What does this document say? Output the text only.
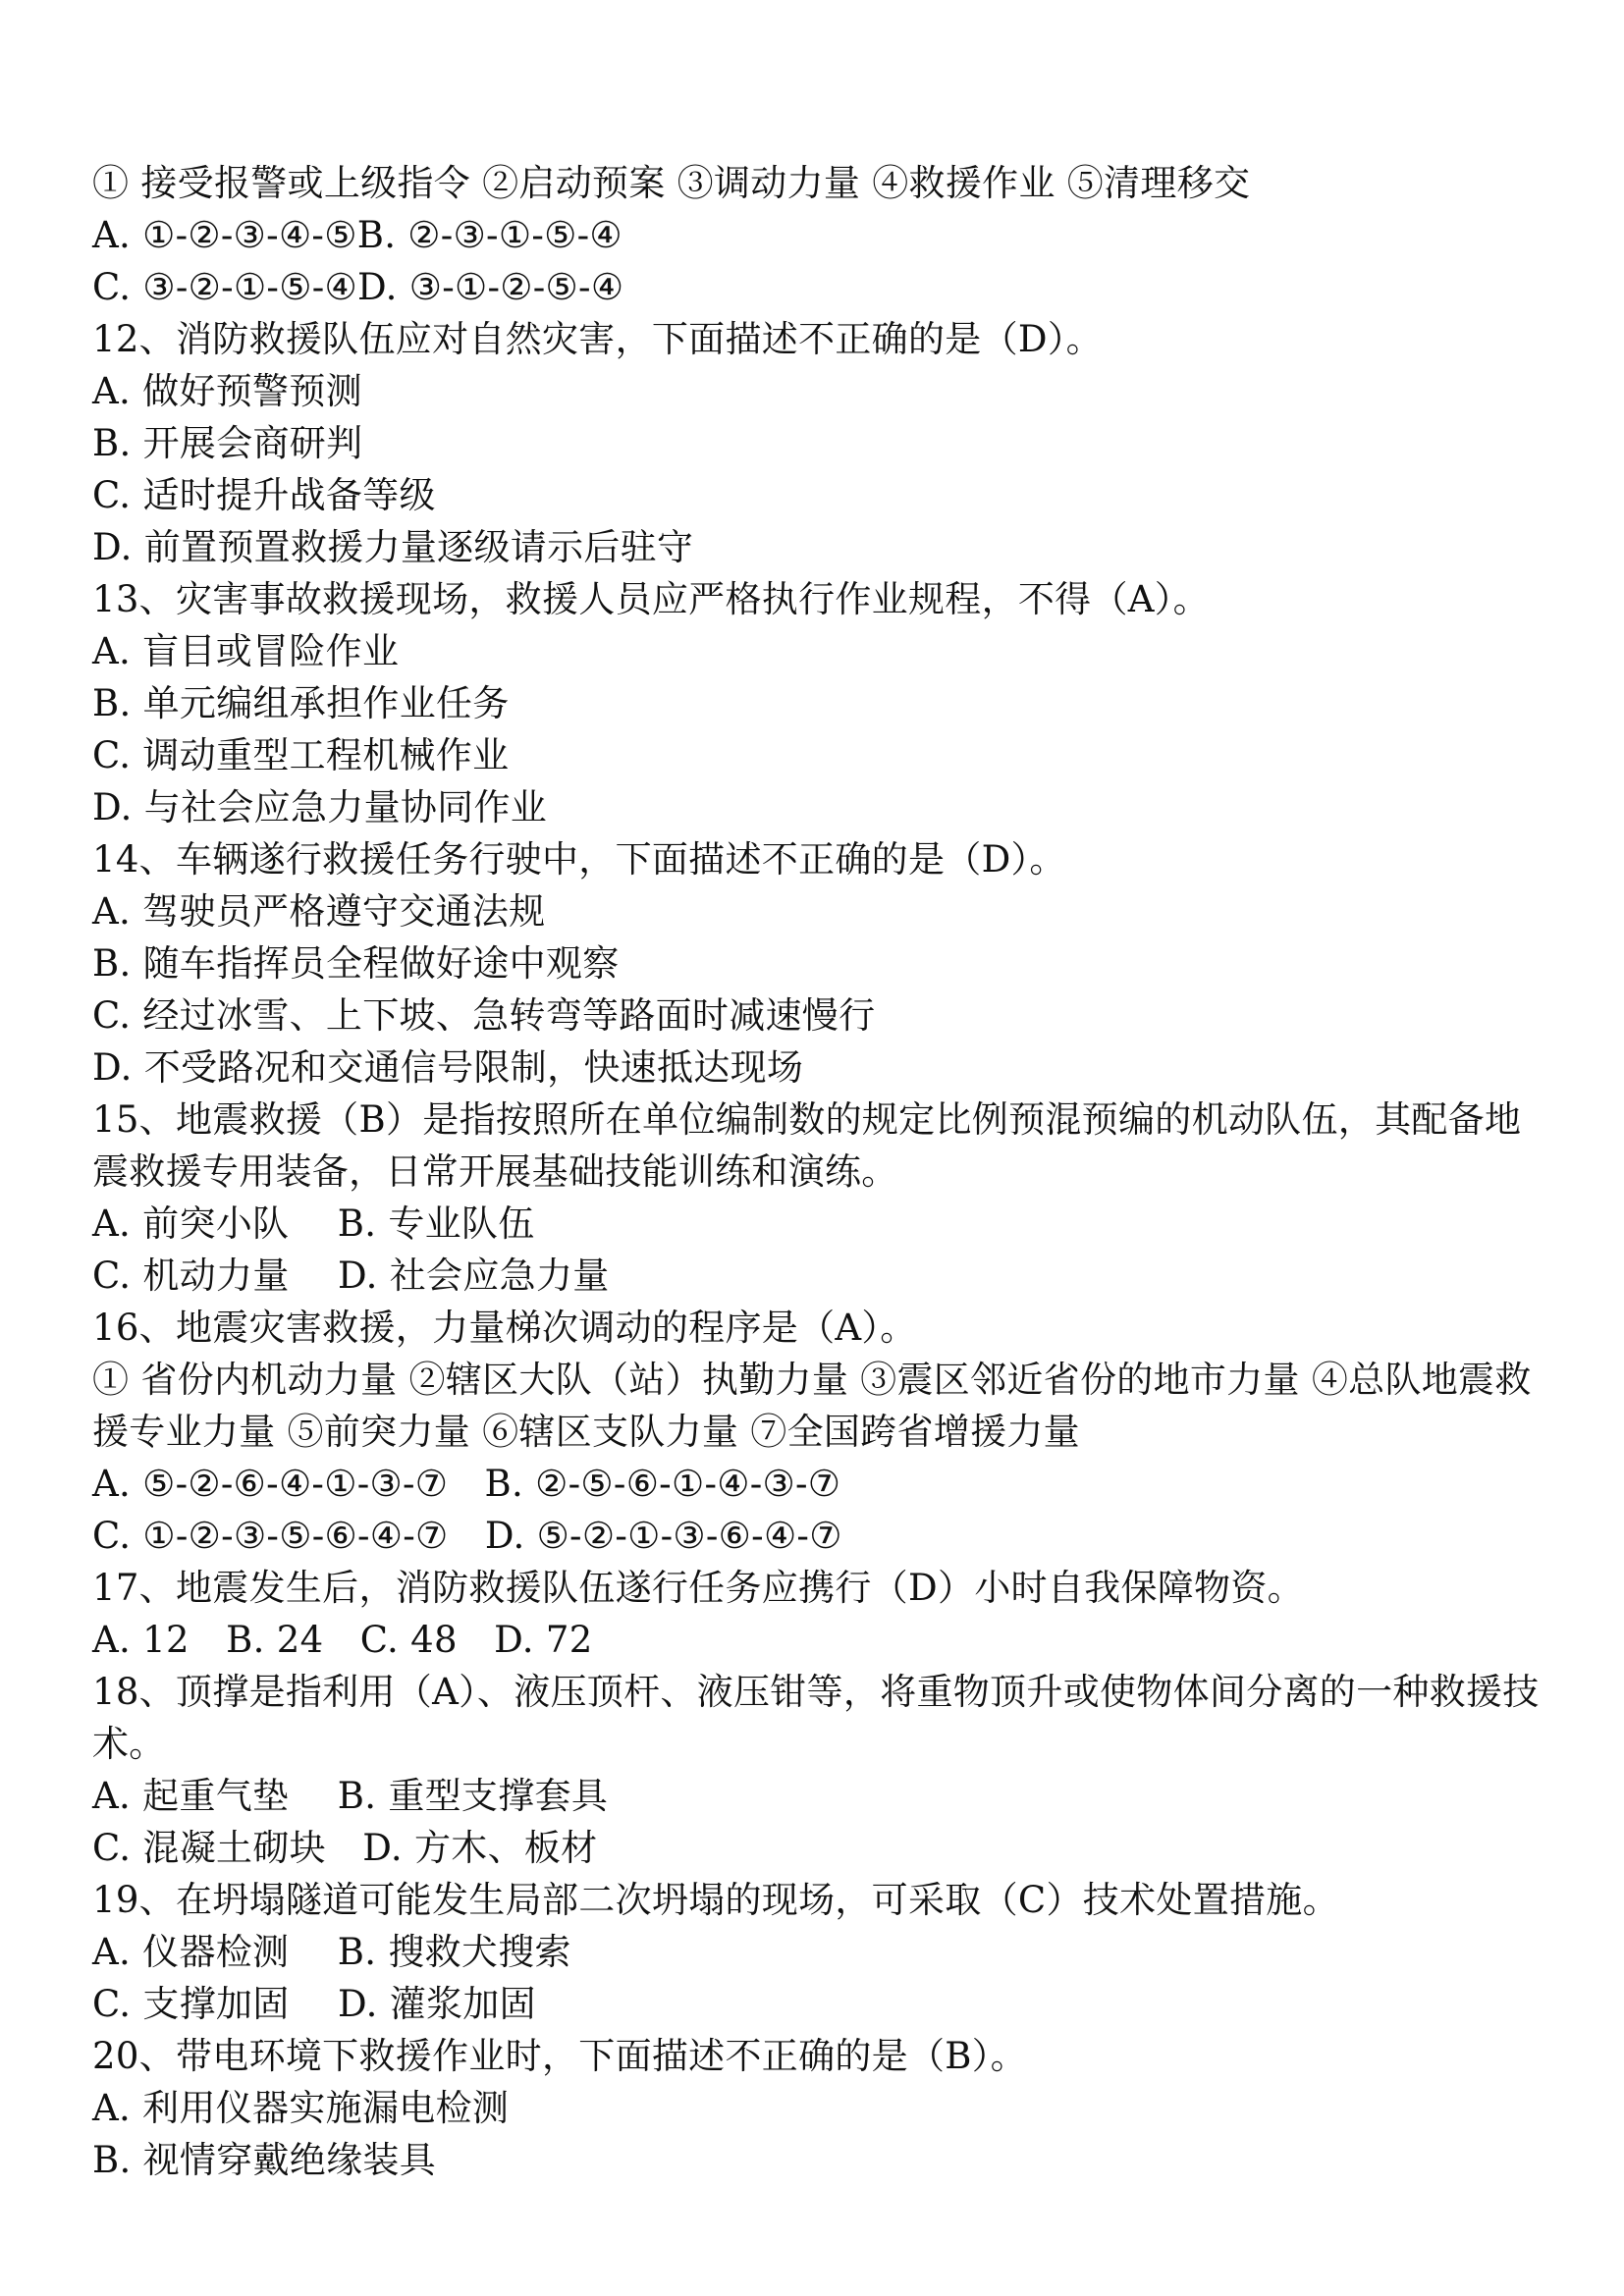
① 接受报警或上级指令 ②启动预案 ③调动力量 ④救援作业 ⑤清理移交
A. ①-②-③-④-⑤B. ②-③-①-⑤-④
C. ③-②-①-⑤-④D. ③-①-②-⑤-④
12、消防救援队伍应对自然灾害，下面描述不正确的是（D）。
A. 做好预警预测
B. 开展会商研判
C. 适时提升战备等级
D. 前置预置救援力量逐级请示后驻守
13、灾害事故救援现场，救援人员应严格执行作业规程，不得（A）。
A. 盲目或冒险作业
B. 单元编组承担作业任务
C. 调动重型工程机械作业
D. 与社会应急力量协同作业
14、车辆遂行救援任务行驶中，下面描述不正确的是（D）。
A. 驾驶员严格遵守交通法规
B. 随车指挥员全程做好途中观察
C. 经过冰雪、上下坡、急转弯等路面时减速慢行
D. 不受路况和交通信号限制，快速抵达现场
15、地震救援（B）是指按照所在单位编制数的规定比例预混预编的机动队伍，其配备地震救援专用装备，日常开展基础技能训练和演练。
A. 前突小队　 B. 专业队伍
C. 机动力量　 D. 社会应急力量
16、地震灾害救援，力量梯次调动的程序是（A）。
① 省份内机动力量 ②辖区大队（站）执勤力量 ③震区邻近省份的地市力量 ④总队地震救援专业力量 ⑤前突力量 ⑥辖区支队力量 ⑦全国跨省增援力量
A. ⑤-②-⑥-④-①-③-⑦　B. ②-⑤-⑥-①-④-③-⑦
C. ①-②-③-⑤-⑥-④-⑦　D. ⑤-②-①-③-⑥-④-⑦
17、地震发生后，消防救援队伍遂行任务应携行（D）小时自我保障物资。
A. 12　B. 24　C. 48　D. 72
18、顶撑是指利用（A）、液压顶杆、液压钳等，将重物顶升或使物体间分离的一种救援技术。
A. 起重气垫　 B. 重型支撑套具
C. 混凝土砌块　D. 方木、板材
19、在坍塌隧道可能发生局部二次坍塌的现场，可采取（C）技术处置措施。
A. 仪器检测　 B. 搜救犬搜索
C. 支撑加固　 D. 灌浆加固
20、带电环境下救援作业时，下面描述不正确的是（B）。
A. 利用仪器实施漏电检测
B. 视情穿戴绝缘装具
